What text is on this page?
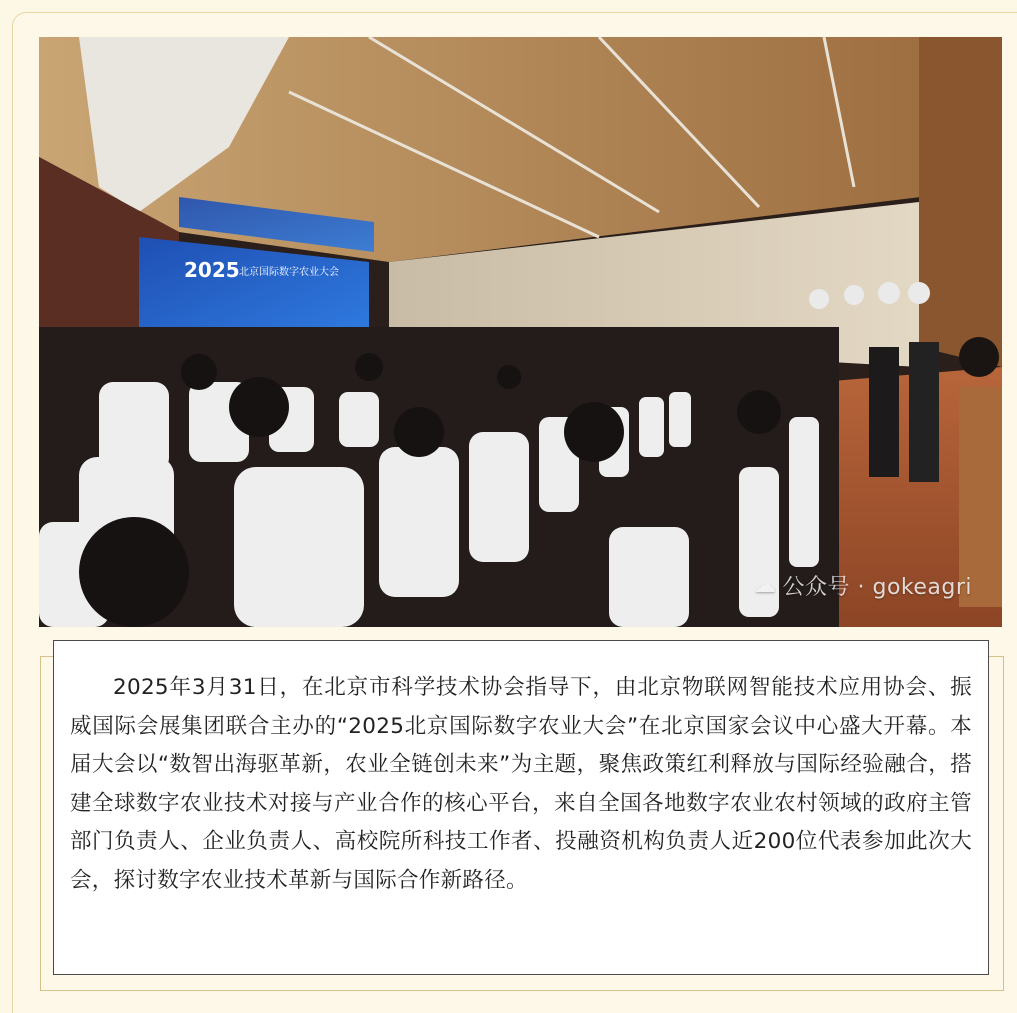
2025 北京国际数字农业大会
☁ 公众号 · gokeagri

2025年3月31日，在北京市科学技术协会指导下，由北京物联网智能技术应用协会、振威国际会展集团联合主办的“2025北京国际数字农业大会”在北京国家会议中心盛大开幕。本届大会以“数智出海驱革新，农业全链创未来”为主题，聚焦政策红利释放与国际经验融合，搭建全球数字农业技术对接与产业合作的核心平台，来自全国各地数字农业农村领域的政府主管部门负责人、企业负责人、高校院所科技工作者、投融资机构负责人近200位代表参加此次大会，探讨数字农业技术革新与国际合作新路径。
